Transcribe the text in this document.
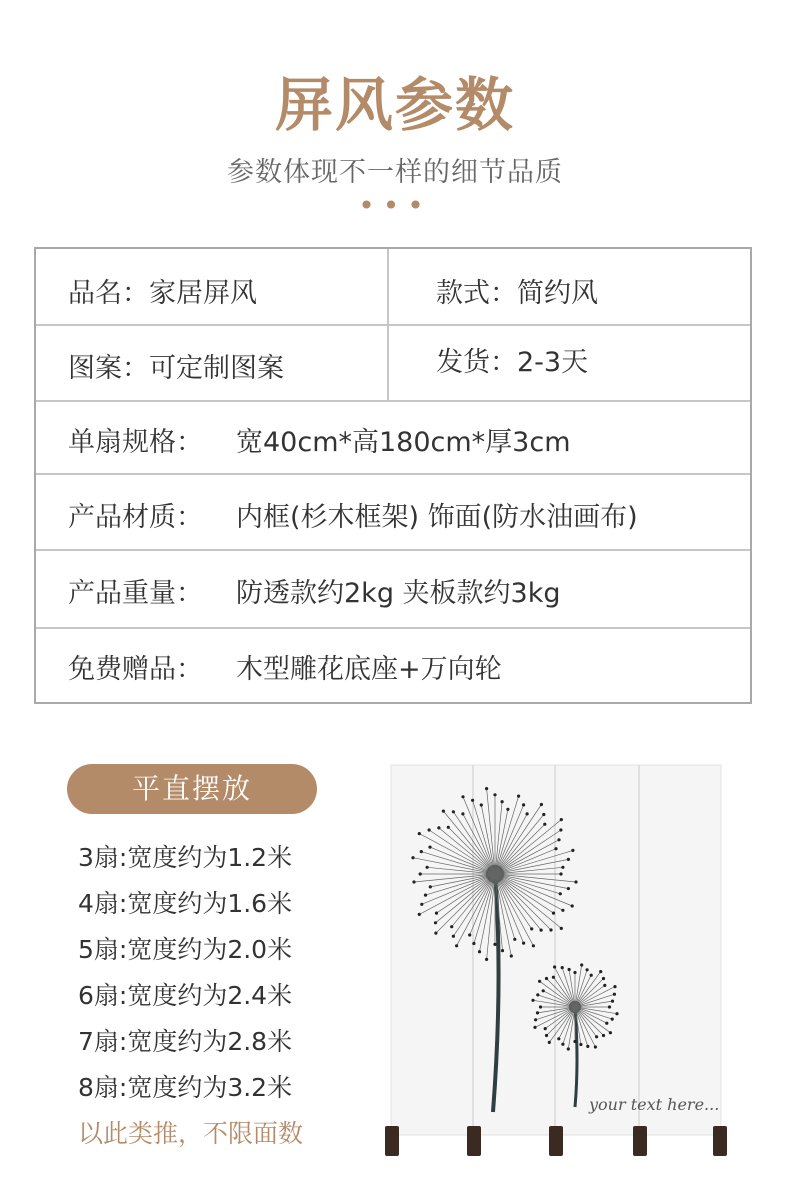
屏风参数
参数体现不一样的细节品质
•••
品名：家居屏风	款式：简约风
图案：可定制图案	发货：2-3天
单扇规格： 宽40cm*高180cm*厚3cm
产品材质： 内框(杉木框架) 饰面(防水油画布)
产品重量： 防透款约2kg 夹板款约3kg
免费赠品： 木型雕花底座+万向轮
平直摆放
3扇:宽度约为1.2米
4扇:宽度约为1.6米
5扇:宽度约为2.0米
6扇:宽度约为2.4米
7扇:宽度约为2.8米
8扇:宽度约为3.2米
以此类推，不限面数
your text here...
